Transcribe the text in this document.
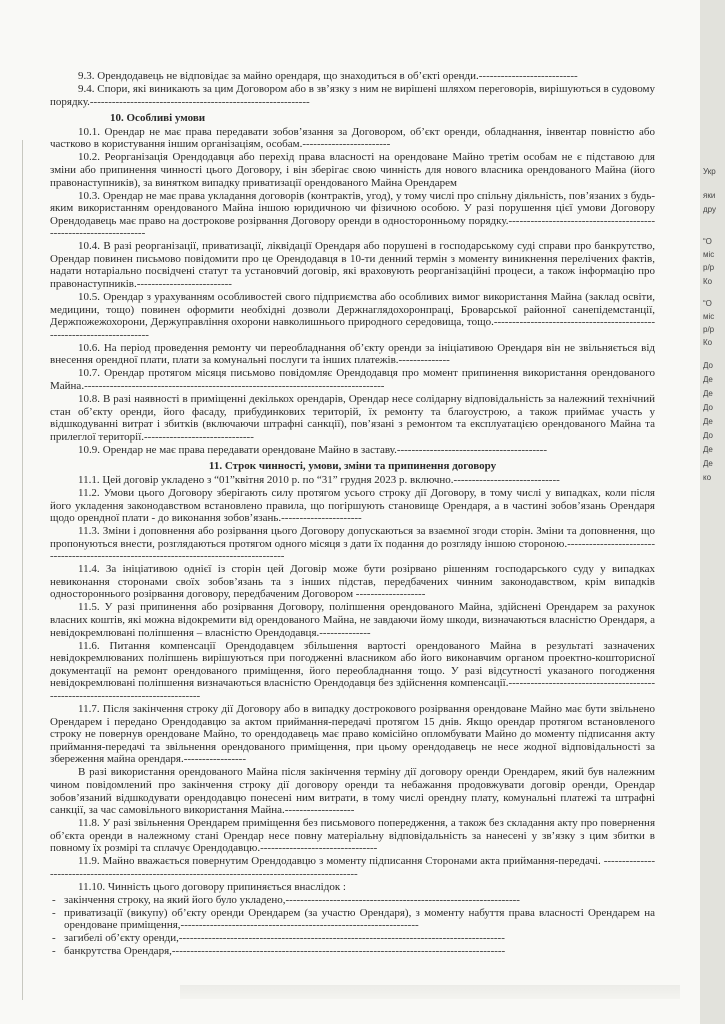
9.3. Орендодавець не відповідає за майно орендаря, що знаходиться в об’єкті оренди.---------------------------

9.4. Спори, які виникають за цим Договором або в зв’язку з ним не вирішені шляхом переговорів, вирішуються в судовому порядку.------------------------------------------------------------

10. Особливі умови

10.1. Орендар не має права передавати зобов’язання за Договором, об’єкт оренди, обладнання, інвентар повністю або частково в користування іншим організаціям, особам.------------------------

10.2. Реорганізація Орендодавця або перехід права власності на орендоване Майно третім особам не є підставою для зміни або припинення чинності цього Договору, і він зберігає свою чинність для нового власника орендованого Майна (його правонаступників), за винятком випадку приватизації орендованого Майна Орендарем

10.3. Орендар не має права укладання договорів (контрактів, угод), у тому числі про спільну діяльність, пов’язаних з будь-яким використанням орендованого Майна іншою юридичною чи фізичною особою. У разі порушення цієї умови Договору Орендодавець має право на дострокове розірвання Договору оренди в односторонньому порядку.------------------------------------------------------------------

10.4. В разі реорганізації, приватизації, ліквідації Орендаря або порушені в господарському суді справи про банкрутство, Орендар повинен письмово повідомити про це Орендодавця в 10-ти денний термін з моменту виникнення перелічених фактів, надати нотаріально посвідчені статут та установчий договір, які враховують реорганізаційні процеси, а також інформацію про правонаступників.--------------------------

10.5. Орендар з урахуванням особливостей свого підприємства або особливих вимог використання Майна (заклад освіти, медицини, тощо) повинен оформити необхідні дозволи Держнаглядохоронпраці, Броварської районної санепідемстанції, Держпожежохорони, Держуправління охорони навколишнього природного середовища, тощо.-----------------------------------------------------------------------

10.6. На період проведення ремонту чи переобладнання об’єкту оренди за ініціативою Орендаря він не звільняється від внесення орендної плати, плати за комунальні послуги та інших платежів.--------------

10.7. Орендар протягом місяця письмово повідомляє Орендодавця про момент припинення використання орендованого Майна.----------------------------------------------------------------------------------

10.8. В разі наявності в приміщенні декількох орендарів, Орендар несе солідарну відповідальність за належний технічний стан об’єкту оренди, його фасаду, прибудинкових територій, їх ремонту та благоустрою, а також приймає участь у відшкодуванні витрат і збитків (включаючи штрафні санкції), пов’язані з ремонтом та експлуатацією орендованого Майна та прилеглої території.------------------------------

10.9. Орендар не має права передавати орендоване Майно в заставу.-----------------------------------------

11. Строк чинності, умови, зміни та припинення договору

11.1. Цей договір укладено з “01”квітня 2010 р. по “31” грудня 2023 р. включно.-----------------------------

11.2. Умови цього Договору зберігають силу протягом усього строку дії Договору, в тому числі у випадках, коли після його укладення законодавством встановлено правила, що погіршують становище Орендаря, а в частині зобов’язань Орендаря щодо орендної плати - до виконання зобов’язань.----------------------

11.3. Зміни і доповнення або розірвання цього Договору допускаються за взаємної згоди сторін. Зміни та доповнення, що пропонуються внести, розглядаються протягом одного місяця з дати їх подання до розгляду іншою стороною.----------------------------------------------------------------------------------------

11.4. За ініціативою однієї із сторін цей Договір може бути розірвано рішенням господарського суду у випадках невиконання сторонами своїх зобов’язань та з інших підстав, передбачених чинним законодавством, крім випадків одностороннього розірвання договору, передбаченим Договором -------------------

11.5. У разі припинення або розірвання Договору, поліпшення орендованого Майна, здійснені Орендарем за рахунок власних коштів, які можна відокремити від орендованого Майна, не завдаючи йому шкоди, визначаються власністю Орендаря, а невідокремлювані поліпшення – власністю Орендодавця.--------------

11.6. Питання компенсації Орендодавцем збільшення вартості орендованого Майна в результаті зазначених невідокремлюваних поліпшень вирішуються при погодженні власником або його виконавчим органом проектно-кошторисної документації на ремонт орендованого приміщення, його переобладнання тощо. У разі відсутності указаного погодження невідокремлювані поліпшення визначаються власністю Орендодавця без здійснення компенсації.---------------------------------------------------------------------------------

11.7. Після закінчення строку дії Договору або в випадку дострокового розірвання орендоване Майно має бути звільнено Орендарем і передано Орендодавцю за актом приймання-передачі протягом 15 днів. Якщо орендар протягом встановленого строку не повернув орендоване Майно, то орендодавець має право комісійно опломбувати Майно до моменту підписання акту приймання-передачі та звільнення орендованого приміщення, при цьому орендодавець не несе жодної відповідальності за збереження майна орендаря.-----------------

В разі використання орендованого Майна після закінчення терміну дії договору оренди Орендарем, який був належним чином повідомлений про закінчення строку дії договору оренди та небажання продовжувати договір оренди, Орендар зобов’язаний відшкодувати орендодавцю понесені ним витрати, в тому числі орендну плату, комунальні платежі та штрафні санкції, за час самовільного використання Майна.-------------------

11.8. У разі звільнення Орендарем приміщення без письмового попередження, а також без складання акту про повернення об’єкта оренди в належному стані Орендар несе повну матеріальну відповідальність за нанесені у зв’язку з цим збитки в повному їх розмірі та сплачує Орендодавцю.--------------------------------

11.9. Майно вважається повернутим Орендодавцю з моменту підписання Сторонами акта приймання-передачі. --------------------------------------------------------------------------------------------------

11.10. Чинність цього договору припиняється внаслідок :

- закінчення строку, на який його було укладено,----------------------------------------------------------------

- приватизації (викупу) об’єкту оренди Орендарем (за участю Орендаря), з моменту набуття права власності Орендарем на орендоване приміщення,-----------------------------------------------------------------

- загибелі об’єкту оренди,-----------------------------------------------------------------------------------------

- банкрутства Орендаря,-------------------------------------------------------------------------------------------

Укр
яки
дру
“О
міс
р/р
Ко
“О
міс
р/р
Ко
До
Де
Де
До
Де
До
Де
Де
ко
